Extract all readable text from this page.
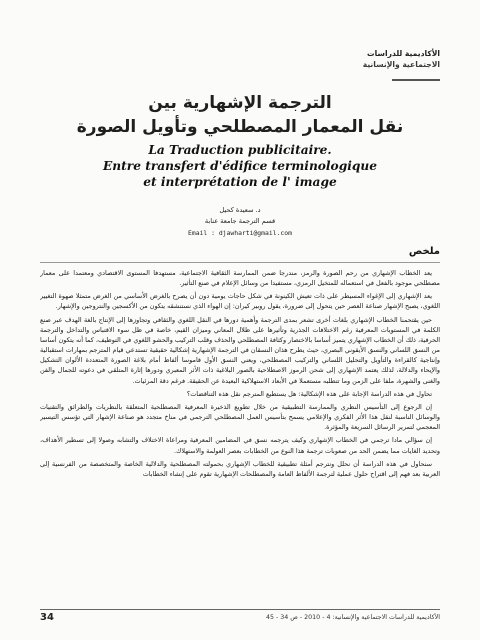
الأكاديمية للدراسات
الاجتماعية والإنسانية
الترجمة الإشهارية بين
نقل المعمار المصطلحي وتأويل الصورة
La Traduction publicitaire.
Entre transfert d'édifice terminologique
et interprétation de l' image
د. سعيدة كحيل
قسم الترجمة جامعة عنابة
Email : djawharti@gmail.com
ملخص

يعد الخطاب الإشهاري من رحم الصورة والرمز، مندرجا ضمن الممارسة الثقافية الاجتماعية، مستهدفا المستوى الاقتصادي ومعتمدا على معمار مصطلحي موجود بالفعل في استعماله للمتخيل الرمزي، مستفيدا من وسائل الإعلام في صنع التأثير.

يعد الإشهاري إلى الإغواء المسيطر على ذات تعيش الكينونة في شكل حاجات يومية دون أن يصرح بالغرض الأساسي من الغرض متمثلا صهوة التغيير اللغوي، يصبح الإشهار صناعة العصر حين يتحول إلى ضرورة، يقول روبير كيران: إن الهواء الذي نستنشقه يتكون من الأكسجين والنتروجين والإشهار.

حين يقتحمنا الخطاب الإشهاري بلغات أخرى تشعر بمدى الترجمة وأهمية دورها في النقل اللغوي والثقافي وتجاوزها إلى الإنتاج بالغة الهدف عبر صنع الكلمة في المستويات المعرفية رغم الاختلافات الجذرية وتأثيرها على ظلال المعاني وميزان القيم، خاصة في ظل سوء الاقتباس والتداخل والترجمة الحرفية، ذلك أن الخطاب الإشهاري يتميز أساسا بالاختصار وكثافة المصطلحي والحذف وقلب التركيب والحشو اللغوي في التوظيف، كما أنه يتكون أساسا من النسق اللساني والنسق الأيقوني البصري، حيث يطرح هذان النسقان في الترجمة الإشهارية إشكالية حقيقية تستدعي قيام المترجم بمهارات استقبالية وإنتاجية كالقراءة والتأويل والتحليل اللساني والتركيب المصطلحي، ويعني النسق الأول قاموسا ألفاظ أمام بلاغة الصورة المتعددة الألوان التشكيل والإيحاء والدلالة، لذلك يعتمد الإشهاري إلى شحن الرموز الاصطلاحية بالصور البلاغية ذات الأثر المعبري ودورها إثارة المتلقي في دعوته للجمال والفن والغنى والشهرة، ملفا على الزمن وما تتطلبه مستعملا في الأبعاد الاستهلاكية البعيدة عن الحقيقة. فرغم دقة المرئيات.

تحاول في هذه الدراسة الإجابة على هذه الإشكالية: هل يستطيع المترجم نقل هذه التناقضات؟

إن الرجوع إلى التأسيس النظري والممارسة التطبيقية من خلال تطويع الذخيرة المعرفية المصطلحية المتعلقة بالنظريات والطرائق والتقنيات والوسائل الناسبة لنقل هذا الأثر الفكري والإعلامي يسمح بتأسيس العمل المصطلحي الترجمي في مناخ متجدد هو صناعة الإشهار التي تؤسس التيسير المعجمي لتمرير الرسائل السريعة والمؤثرة.

إن سؤالي مادا ترجمي في الخطاب الإشهاري وكيف يترجمه نسق في المضامين المعرفية ومراعاة الاختلاف والتشابه وصولا إلى تسطير الأهداف، وتحديد الغايات مما يضمن الحد من صعوبات ترجمة هذا النوع من الخطابات بعصر العولمة والاستهلاك.

سنحاول في هذه الدراسة أن نحلل ونترجم أمثلة تطبيقية للخطاب الإشهاري بحمولته المصطلحية والدلالية الخاصة والمتخصصة من الفرنسية إلى العربية بعد فهم إلى اقتراح حلول عملية لترجمة الألفاظ العامة والمصطلحات الإشهارية تقوم على إنشاء الخطابات

34	الأكاديمية للدراسات الاجتماعية والإنسانية: 4 - 2010 - ص 34 - 45
